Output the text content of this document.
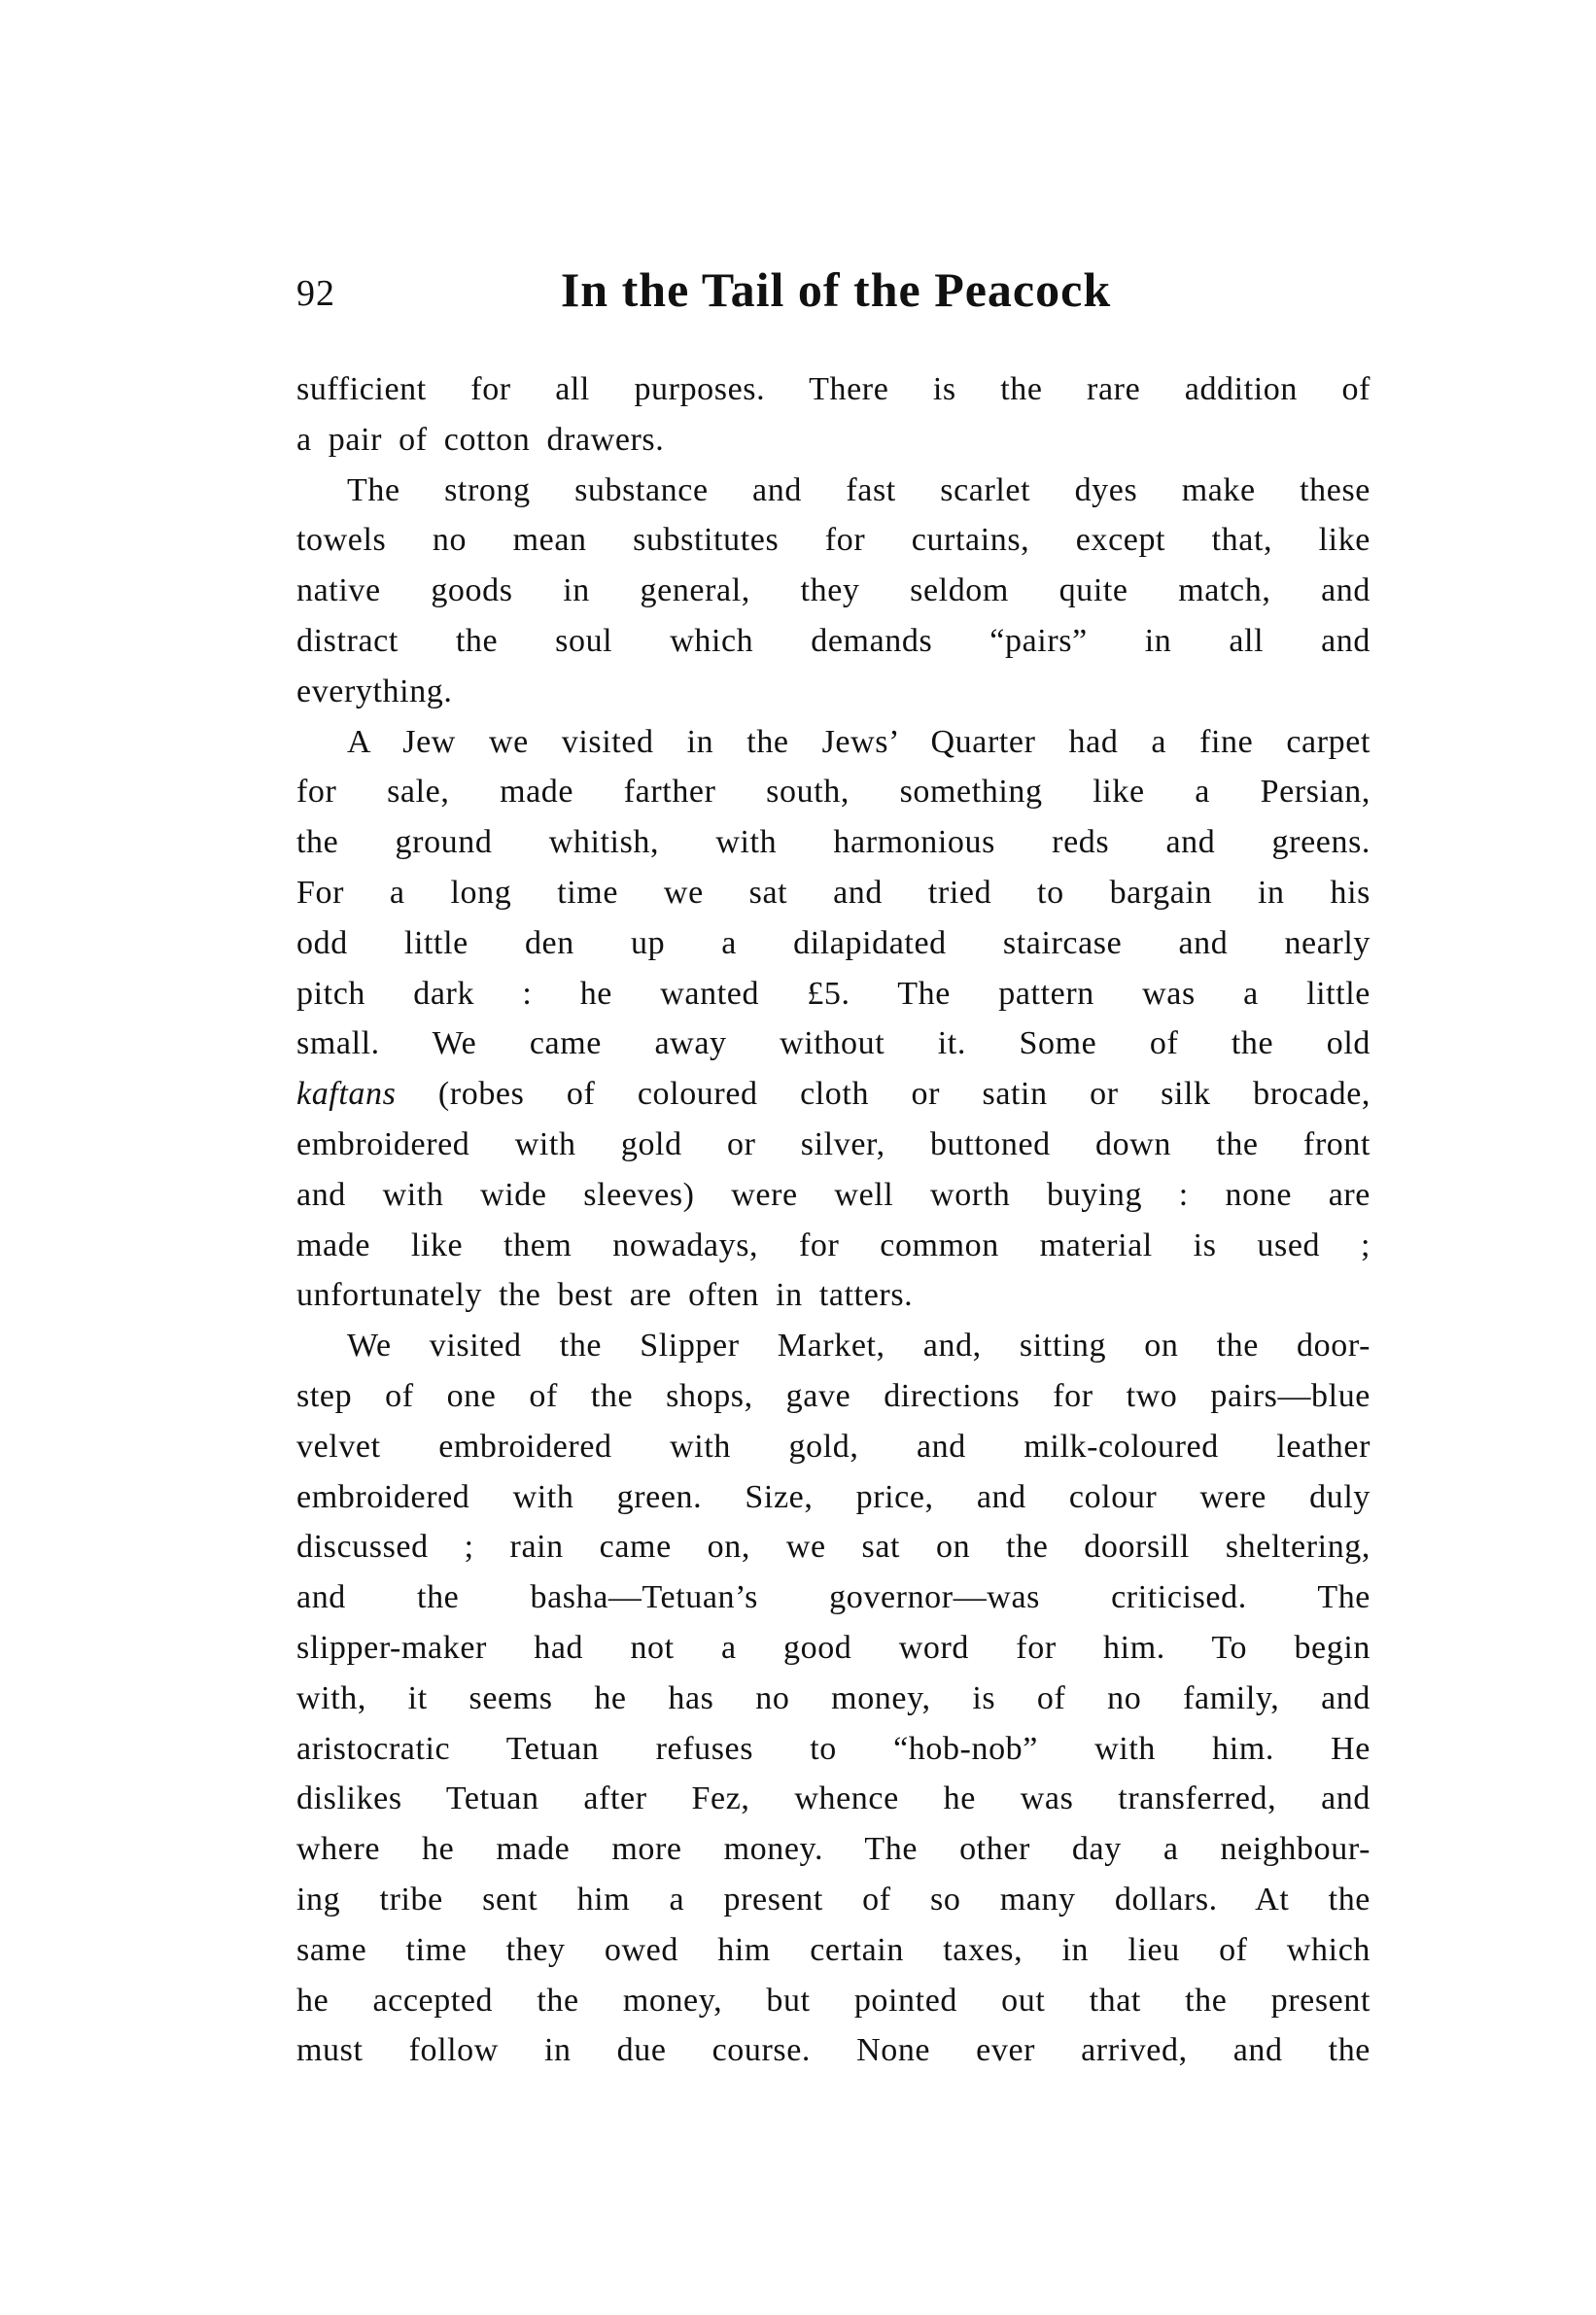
92	In the Tail of the Peacock
sufficient for all purposes. There is the rare addition of
a pair of cotton drawers.
The strong substance and fast scarlet dyes make these
towels no mean substitutes for curtains, except that, like
native goods in general, they seldom quite match, and
distract the soul which demands “pairs” in all and
everything.
A Jew we visited in the Jews’ Quarter had a fine carpet
for sale, made farther south, something like a Persian,
the ground whitish, with harmonious reds and greens.
For a long time we sat and tried to bargain in his
odd little den up a dilapidated staircase and nearly
pitch dark : he wanted £5. The pattern was a little
small. We came away without it. Some of the old
kaftans (robes of coloured cloth or satin or silk brocade,
embroidered with gold or silver, buttoned down the front
and with wide sleeves) were well worth buying : none are
made like them nowadays, for common material is used ;
unfortunately the best are often in tatters.
We visited the Slipper Market, and, sitting on the door-
step of one of the shops, gave directions for two pairs—blue
velvet embroidered with gold, and milk-coloured leather
embroidered with green. Size, price, and colour were duly
discussed ; rain came on, we sat on the doorsill sheltering,
and the basha—Tetuan’s governor—was criticised. The
slipper-maker had not a good word for him. To begin
with, it seems he has no money, is of no family, and
aristocratic Tetuan refuses to “hob-nob” with him. He
dislikes Tetuan after Fez, whence he was transferred, and
where he made more money. The other day a neighbour-
ing tribe sent him a present of so many dollars. At the
same time they owed him certain taxes, in lieu of which
he accepted the money, but pointed out that the present
must follow in due course. None ever arrived, and the
